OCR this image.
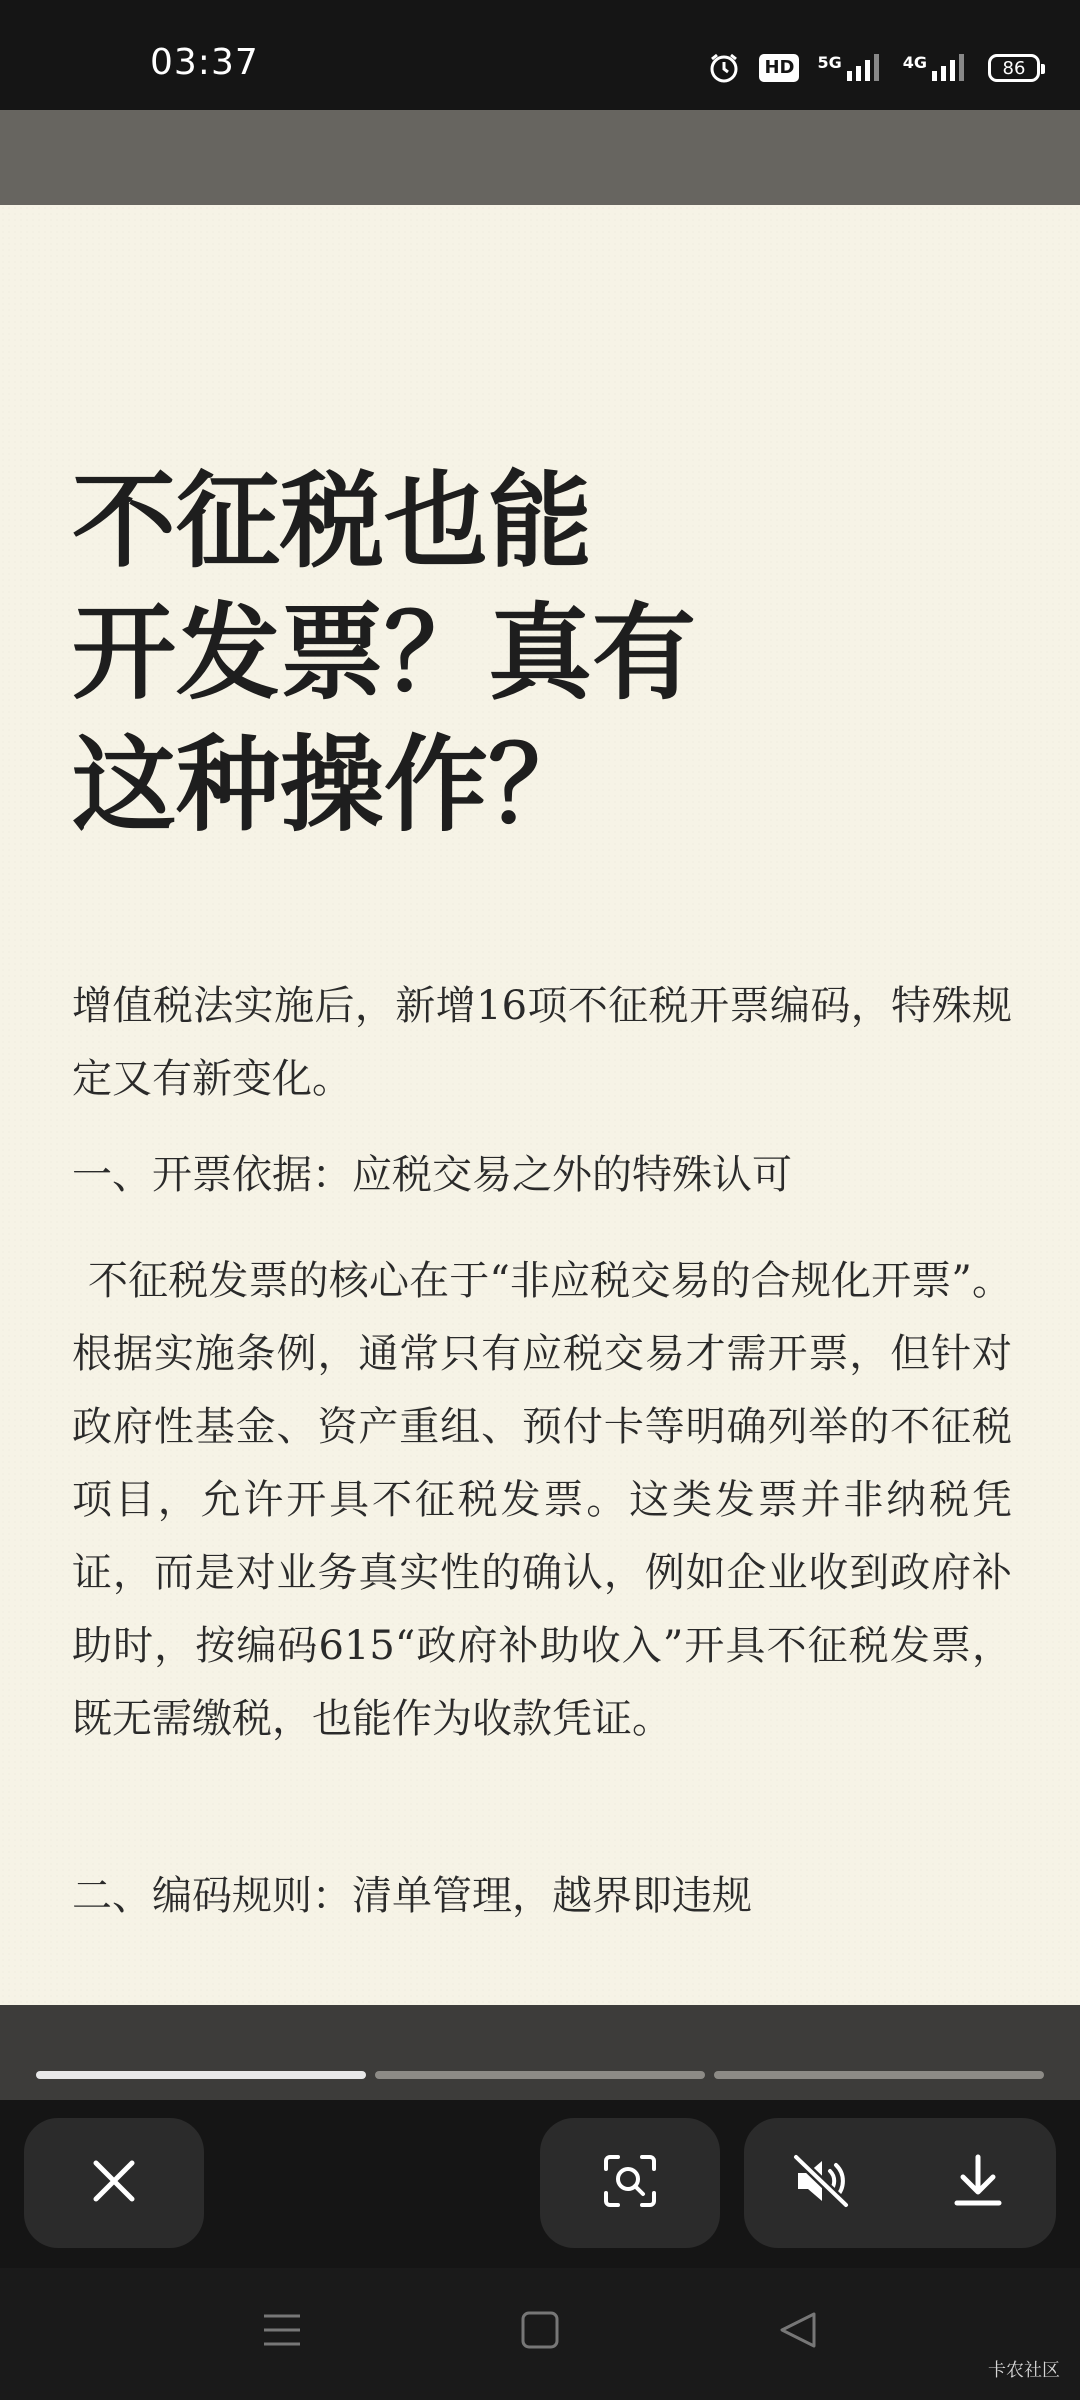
03:37	HD	5G	4G	86
不征税也能
开发票？真有
这种操作？
增值税法实施后，新增16项不征税开票编码，特殊规定又有新变化。
一、开票依据：应税交易之外的特殊认可
不征税发票的核心在于“非应税交易的合规化开票”。根据实施条例，通常只有应税交易才需开票，但针对政府性基金、资产重组、预付卡等明确列举的不征税项目，允许开具不征税发票。这类发票并非纳税凭证，而是对业务真实性的确认，例如企业收到政府补助时，按编码615“政府补助收入”开具不征税发票，既无需缴税，也能作为收款凭证。
二、编码规则：清单管理，越界即违规
卡农社区
